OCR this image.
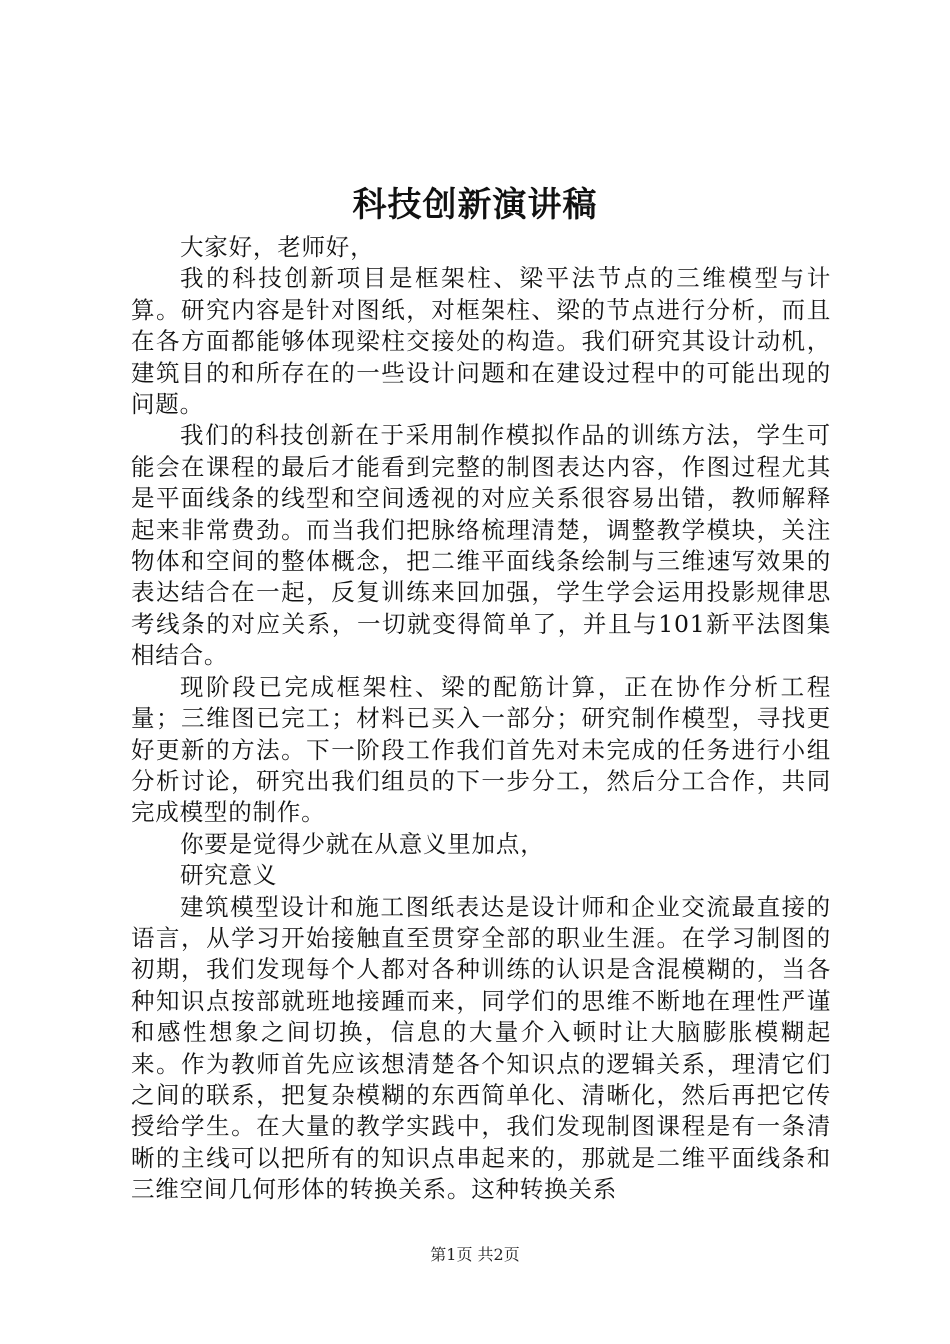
科技创新演讲稿

大家好，老师好，

我的科技创新项目是框架柱、梁平法节点的三维模型与计算。研究内容是针对图纸，对框架柱、梁的节点进行分析，而且在各方面都能够体现梁柱交接处的构造。我们研究其设计动机，建筑目的和所存在的一些设计问题和在建设过程中的可能出现的问题。

我们的科技创新在于采用制作模拟作品的训练方法，学生可能会在课程的最后才能看到完整的制图表达内容，作图过程尤其是平面线条的线型和空间透视的对应关系很容易出错，教师解释起来非常费劲。而当我们把脉络梳理清楚，调整教学模块，关注物体和空间的整体概念，把二维平面线条绘制与三维速写效果的表达结合在一起，反复训练来回加强，学生学会运用投影规律思考线条的对应关系，一切就变得简单了，并且与101新平法图集相结合。

现阶段已完成框架柱、梁的配筋计算，正在协作分析工程量；三维图已完工；材料已买入一部分；研究制作模型，寻找更好更新的方法。下一阶段工作我们首先对未完成的任务进行小组分析讨论，研究出我们组员的下一步分工，然后分工合作，共同完成模型的制作。

你要是觉得少就在从意义里加点，

研究意义

建筑模型设计和施工图纸表达是设计师和企业交流最直接的语言，从学习开始接触直至贯穿全部的职业生涯。在学习制图的初期，我们发现每个人都对各种训练的认识是含混模糊的，当各种知识点按部就班地接踵而来，同学们的思维不断地在理性严谨和感性想象之间切换，信息的大量介入顿时让大脑膨胀模糊起来。作为教师首先应该想清楚各个知识点的逻辑关系，理清它们之间的联系，把复杂模糊的东西简单化、清晰化，然后再把它传授给学生。在大量的教学实践中，我们发现制图课程是有一条清晰的主线可以把所有的知识点串起来的，那就是二维平面线条和三维空间几何形体的转换关系。这种转换关系

第1页 共2页
